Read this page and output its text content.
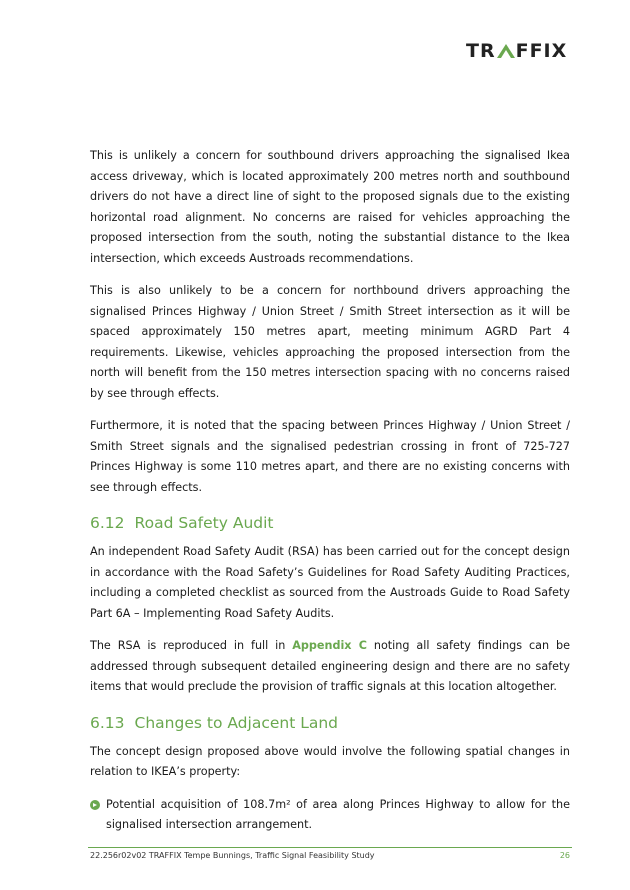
TR FFIX

This is unlikely a concern for southbound drivers approaching the signalised Ikea access driveway, which is located approximately 200 metres north and southbound drivers do not have a direct line of sight to the proposed signals due to the existing horizontal road alignment. No concerns are raised for vehicles approaching the proposed intersection from the south, noting the substantial distance to the Ikea intersection, which exceeds Austroads recommendations.

This is also unlikely to be a concern for northbound drivers approaching the signalised Princes Highway / Union Street / Smith Street intersection as it will be spaced approximately 150 metres apart, meeting minimum AGRD Part 4 requirements. Likewise, vehicles approaching the proposed intersection from the north will benefit from the 150 metres intersection spacing with no concerns raised by see through effects.

Furthermore, it is noted that the spacing between Princes Highway / Union Street / Smith Street signals and the signalised pedestrian crossing in front of 725-727 Princes Highway is some 110 metres apart, and there are no existing concerns with see through effects.

6.12 Road Safety Audit

An independent Road Safety Audit (RSA) has been carried out for the concept design in accordance with the Road Safety’s Guidelines for Road Safety Auditing Practices, including a completed checklist as sourced from the Austroads Guide to Road Safety Part 6A – Implementing Road Safety Audits.

The RSA is reproduced in full in Appendix C noting all safety findings can be addressed through subsequent detailed engineering design and there are no safety items that would preclude the provision of traffic signals at this location altogether.

6.13 Changes to Adjacent Land

The concept design proposed above would involve the following spatial changes in relation to IKEA’s property:

Potential acquisition of 108.7m² of area along Princes Highway to allow for the signalised intersection arrangement.
22.256r02v02 TRAFFIX Tempe Bunnings, Traffic Signal Feasibility Study	26
